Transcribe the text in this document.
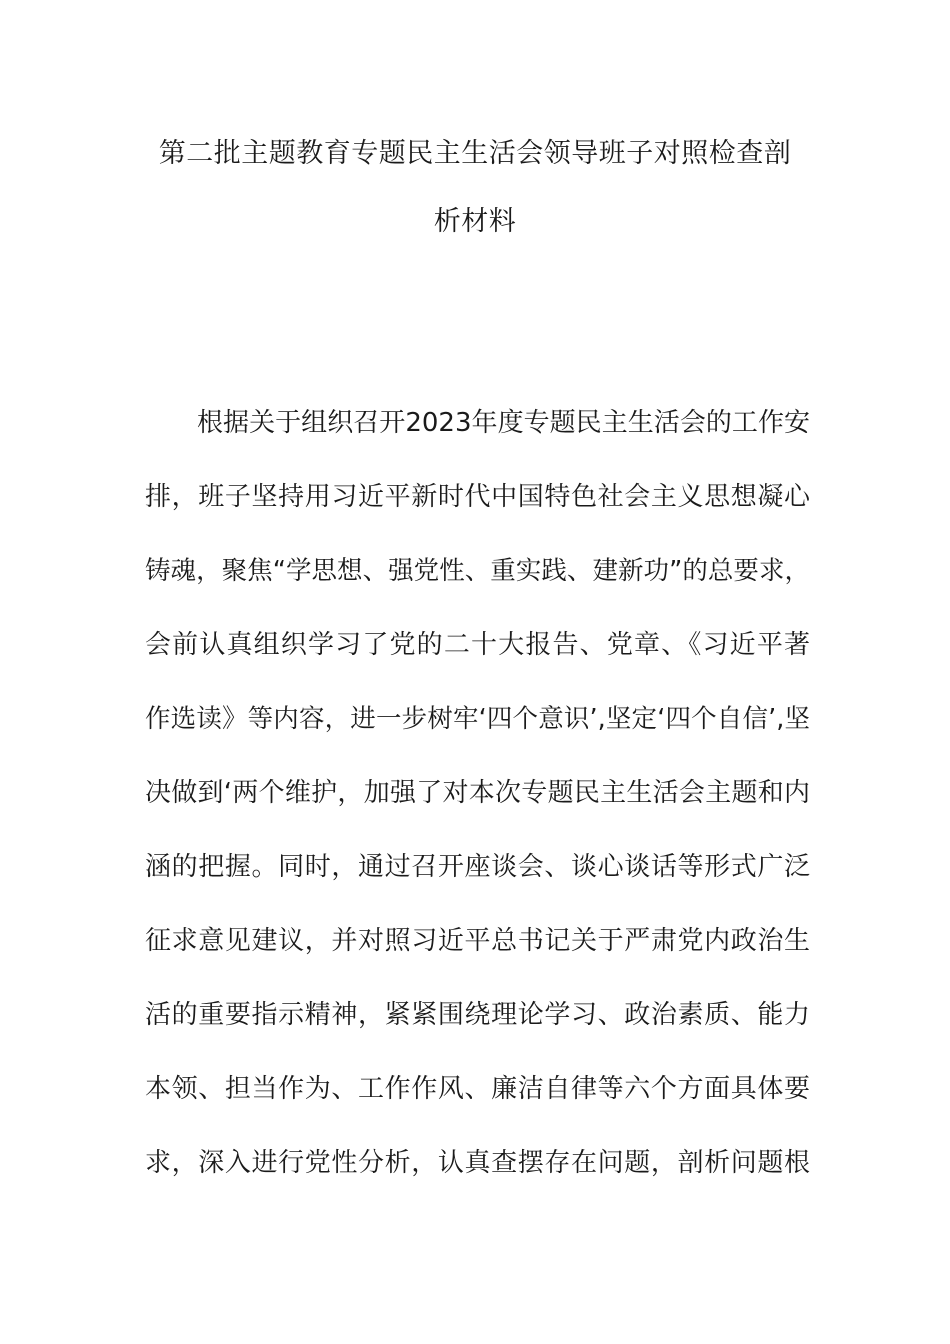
第二批主题教育专题民主生活会领导班子对照检查剖
析材料
根据关于组织召开2023年度专题民主生活会的工作安
排，班子坚持用习近平新时代中国特色社会主义思想凝心
铸魂，聚焦“学思想、强党性、重实践、建新功”的总要求，
会前认真组织学习了党的二十大报告、党章、《习近平著
作选读》等内容，进一步树牢‘四个意识’,坚定‘四个自信’,坚
决做到‘两个维护，加强了对本次专题民主生活会主题和内
涵的把握。同时，通过召开座谈会、谈心谈话等形式广泛
征求意见建议，并对照习近平总书记关于严肃党内政治生
活的重要指示精神，紧紧围绕理论学习、政治素质、能力
本领、担当作为、工作作风、廉洁自律等六个方面具体要
求，深入进行党性分析，认真查摆存在问题，剖析问题根
